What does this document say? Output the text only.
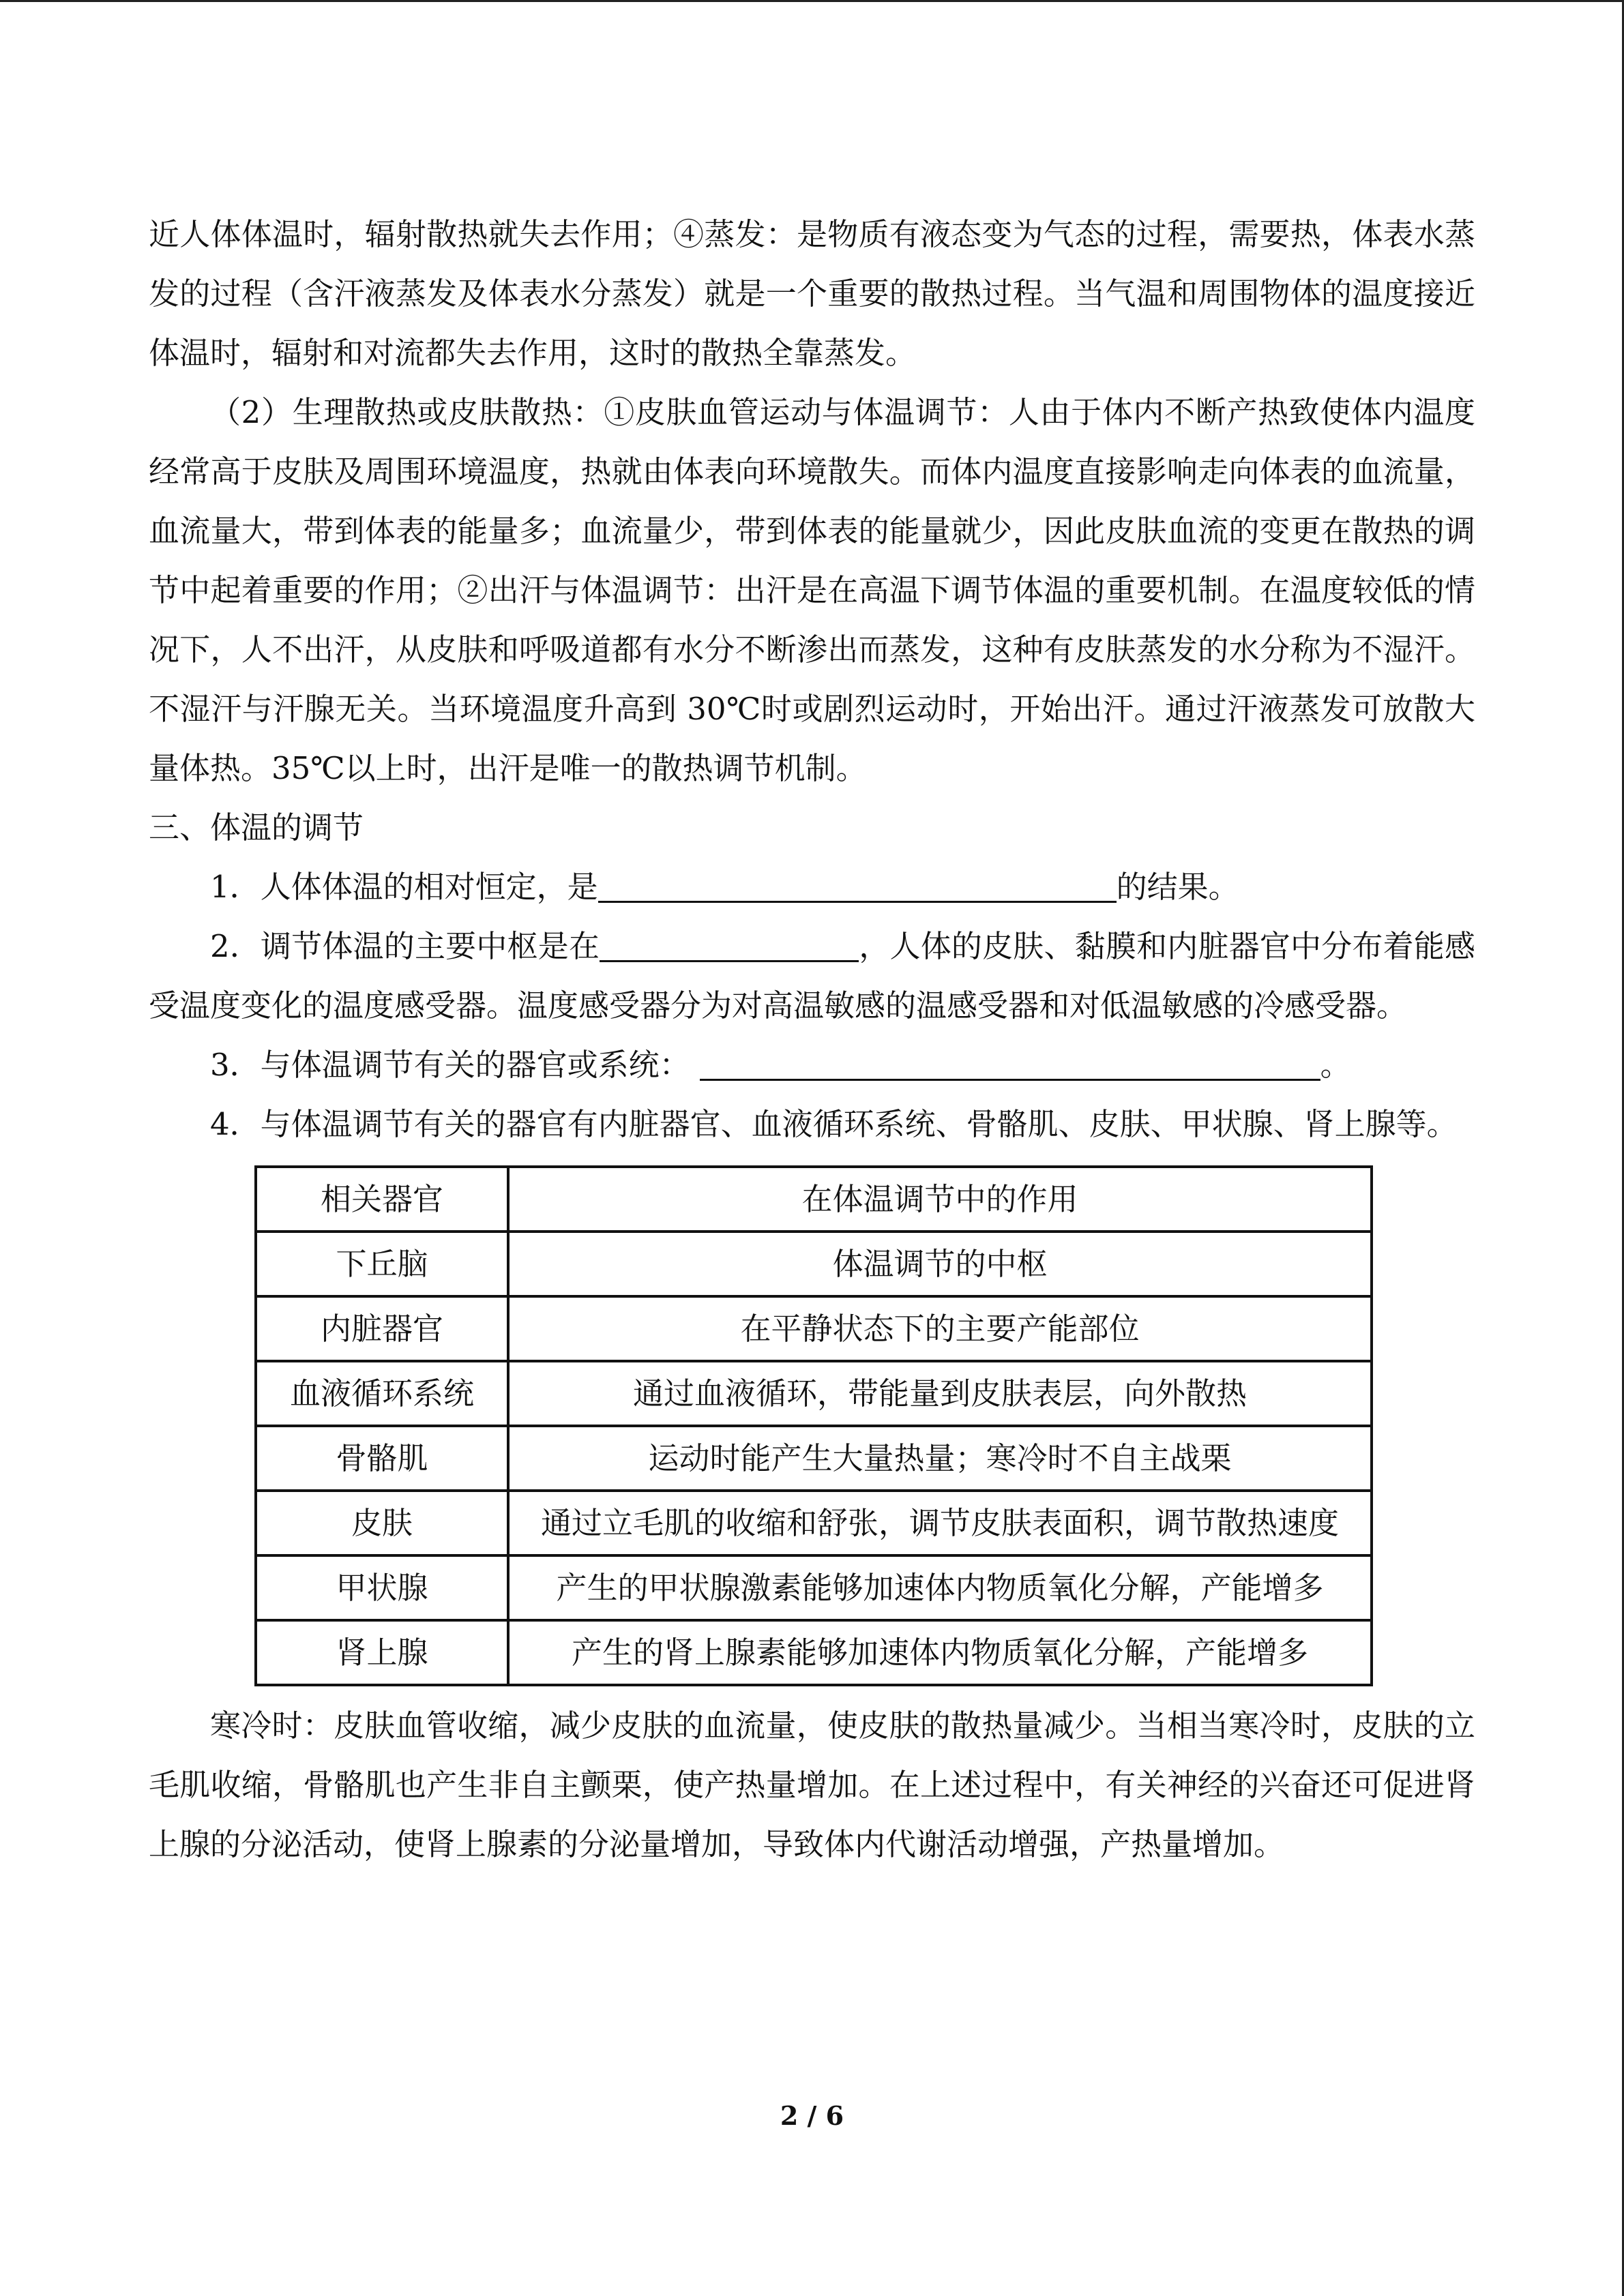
近人体体温时，辐射散热就失去作用；④蒸发：是物质有液态变为气态的过程，需要热，体表水蒸发的过程（含汗液蒸发及体表水分蒸发）就是一个重要的散热过程。当气温和周围物体的温度接近体温时，辐射和对流都失去作用，这时的散热全靠蒸发。

（2）生理散热或皮肤散热：①皮肤血管运动与体温调节：人由于体内不断产热致使体内温度经常高于皮肤及周围环境温度，热就由体表向环境散失。而体内温度直接影响走向体表的血流量，血流量大，带到体表的能量多；血流量少，带到体表的能量就少，因此皮肤血流的变更在散热的调节中起着重要的作用；②出汗与体温调节：出汗是在高温下调节体温的重要机制。在温度较低的情况下，人不出汗，从皮肤和呼吸道都有水分不断渗出而蒸发，这种有皮肤蒸发的水分称为不湿汗。不湿汗与汗腺无关。当环境温度升高到 30℃时或剧烈运动时，开始出汗。通过汗液蒸发可放散大量体热。35℃以上时，出汗是唯一的散热调节机制。

三、体温的调节

1．人体体温的相对恒定，是	的结果。

2．调节体温的主要中枢是在	，人体的皮肤、黏膜和内脏器官中分布着能感受温度变化的温度感受器。温度感受器分为对高温敏感的温感受器和对低温敏感的冷感受器。

3．与体温调节有关的器官或系统：	。

4．与体温调节有关的器官有内脏器官、血液循环系统、骨骼肌、皮肤、甲状腺、肾上腺等。

相关器官	在体温调节中的作用
下丘脑	体温调节的中枢
内脏器官	在平静状态下的主要产能部位
血液循环系统	通过血液循环，带能量到皮肤表层，向外散热
骨骼肌	运动时能产生大量热量；寒冷时不自主战栗
皮肤	通过立毛肌的收缩和舒张，调节皮肤表面积，调节散热速度
甲状腺	产生的甲状腺激素能够加速体内物质氧化分解，产能增多
肾上腺	产生的肾上腺素能够加速体内物质氧化分解，产能增多

寒冷时：皮肤血管收缩，减少皮肤的血流量，使皮肤的散热量减少。当相当寒冷时，皮肤的立毛肌收缩，骨骼肌也产生非自主颤栗，使产热量增加。在上述过程中，有关神经的兴奋还可促进肾上腺的分泌活动，使肾上腺素的分泌量增加，导致体内代谢活动增强，产热量增加。

2 / 6
